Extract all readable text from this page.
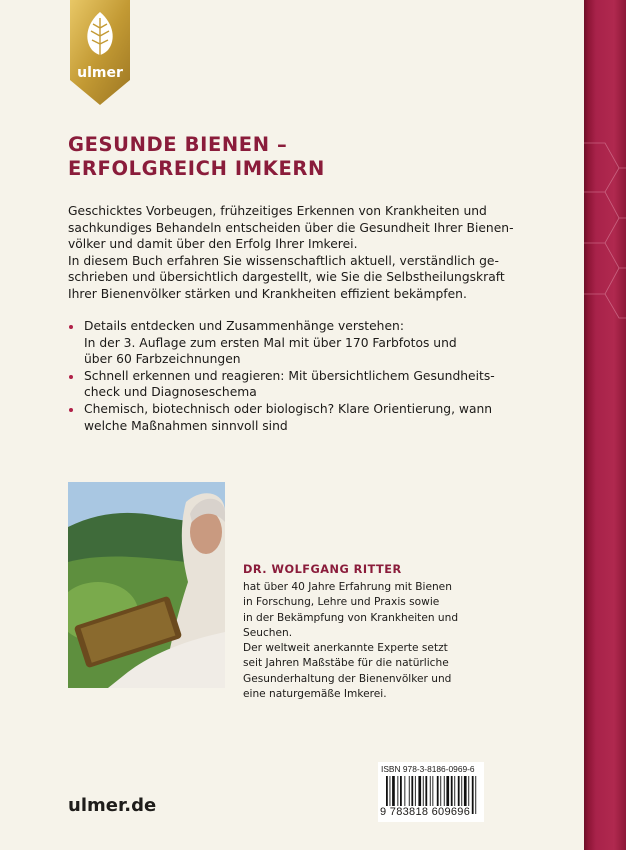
ulmer
GESUNDE BIENEN –
ERFOLGREICH IMKERN
Geschicktes Vorbeugen, frühzeitiges Erkennen von Krankheiten und
sachkundiges Behandeln entscheiden über die Gesundheit Ihrer Bienen-
völker und damit über den Erfolg Ihrer Imkerei.
In diesem Buch erfahren Sie wissenschaftlich aktuell, verständlich ge-
schrieben und übersichtlich dargestellt, wie Sie die Selbstheilungskraft
Ihrer Bienenvölker stärken und Krankheiten effizient bekämpfen.
Details entdecken und Zusammenhänge verstehen:
In der 3. Auflage zum ersten Mal mit über 170 Farbfotos und
über 60 Farbzeichnungen
Schnell erkennen und reagieren: Mit übersichtlichem Gesundheits-
check und Diagnoseschema
Chemisch, biotechnisch oder biologisch? Klare Orientierung, wann
welche Maßnahmen sinnvoll sind
DR. WOLFGANG RITTER
hat über 40 Jahre Erfahrung mit Bienen
in Forschung, Lehre und Praxis sowie
in der Bekämpfung von Krankheiten und
Seuchen.
Der weltweit anerkannte Experte setzt
seit Jahren Maßstäbe für die natürliche
Gesunderhaltung der Bienenvölker und
eine naturgemäße Imkerei.
ulmer.de
ISBN 978-3-8186-0969-6
9 783818 609696
